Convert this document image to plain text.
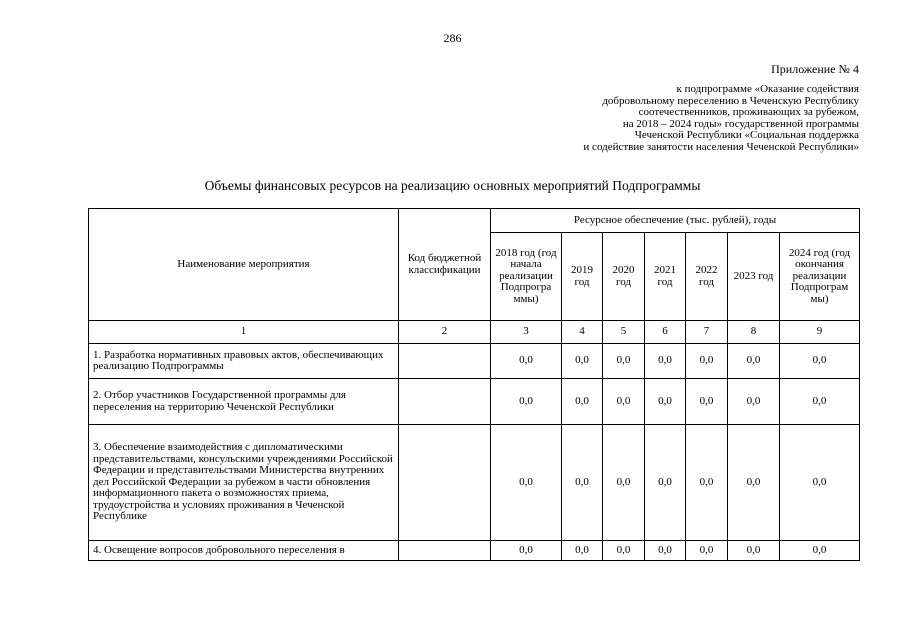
286
Приложение № 4
к подпрограмме «Оказание содействия
добровольному переселению в Чеченскую Республику
соотечественников, проживающих за рубежом,
на 2018 – 2024 годы» государственной программы
Чеченской Республики «Социальная поддержка
и содействие занятости населения Чеченской Республики»
Объемы финансовых ресурсов на реализацию основных мероприятий Подпрограммы
Наименование мероприятия	Код бюджетной классификации	Ресурсное обеспечение (тыс. рублей), годы						
		2018 год (год начала реализации Подпрогра ммы)	2019 год	2020 год	2021 год	2022 год	2023 год	2024 год (год окончания реализации Подпрограм мы)
1	2	3	4	5	6	7	8	9
1. Разработка нормативных правовых актов, обеспечивающих реализацию Подпрограммы		0,0	0,0	0,0	0,0	0,0	0,0	0,0
2. Отбор участников Государственной программы для переселения на территорию Чеченской Республики		0,0	0,0	0,0	0,0	0,0	0,0	0,0
3. Обеспечение взаимодействия с дипломатическими представительствами, консульскими учреждениями Российской Федерации и представительствами Министерства внутренних дел Российской Федерации за рубежом в части обновления информационного пакета о возможностях приема, трудоустройства и условиях проживания в Чеченской Республике		0,0	0,0	0,0	0,0	0,0	0,0	0,0
4. Освещение вопросов добровольного переселения в		0,0	0,0	0,0	0,0	0,0	0,0	0,0
